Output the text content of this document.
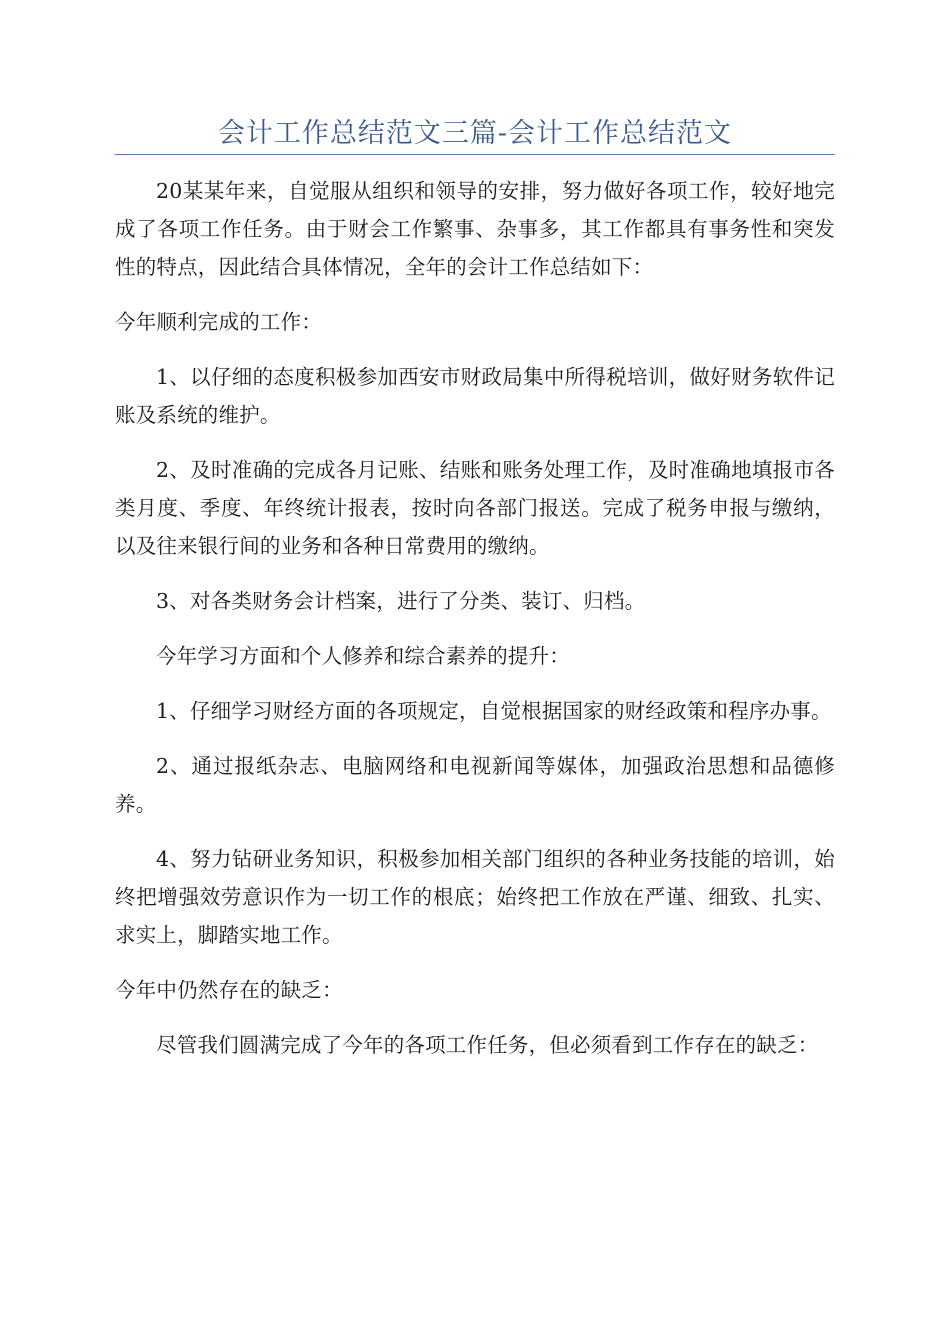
会计工作总结范文三篇-会计工作总结范文

20某某年来，自觉服从组织和领导的安排，努力做好各项工作，较好地完成了各项工作任务。由于财会工作繁事、杂事多，其工作都具有事务性和突发性的特点，因此结合具体情况，全年的会计工作总结如下：

今年顺利完成的工作：

1、以仔细的态度积极参加西安市财政局集中所得税培训，做好财务软件记账及系统的维护。

2、及时准确的完成各月记账、结账和账务处理工作，及时准确地填报市各类月度、季度、年终统计报表，按时向各部门报送。完成了税务申报与缴纳，以及往来银行间的业务和各种日常费用的缴纳。

3、对各类财务会计档案，进行了分类、装订、归档。

今年学习方面和个人修养和综合素养的提升：

1、仔细学习财经方面的各项规定，自觉根据国家的财经政策和程序办事。

2、通过报纸杂志、电脑网络和电视新闻等媒体，加强政治思想和品德修养。

4、努力钻研业务知识，积极参加相关部门组织的各种业务技能的培训，始终把增强效劳意识作为一切工作的根底；始终把工作放在严谨、细致、扎实、求实上，脚踏实地工作。

今年中仍然存在的缺乏：

尽管我们圆满完成了今年的各项工作任务，但必须看到工作存在的缺乏：
